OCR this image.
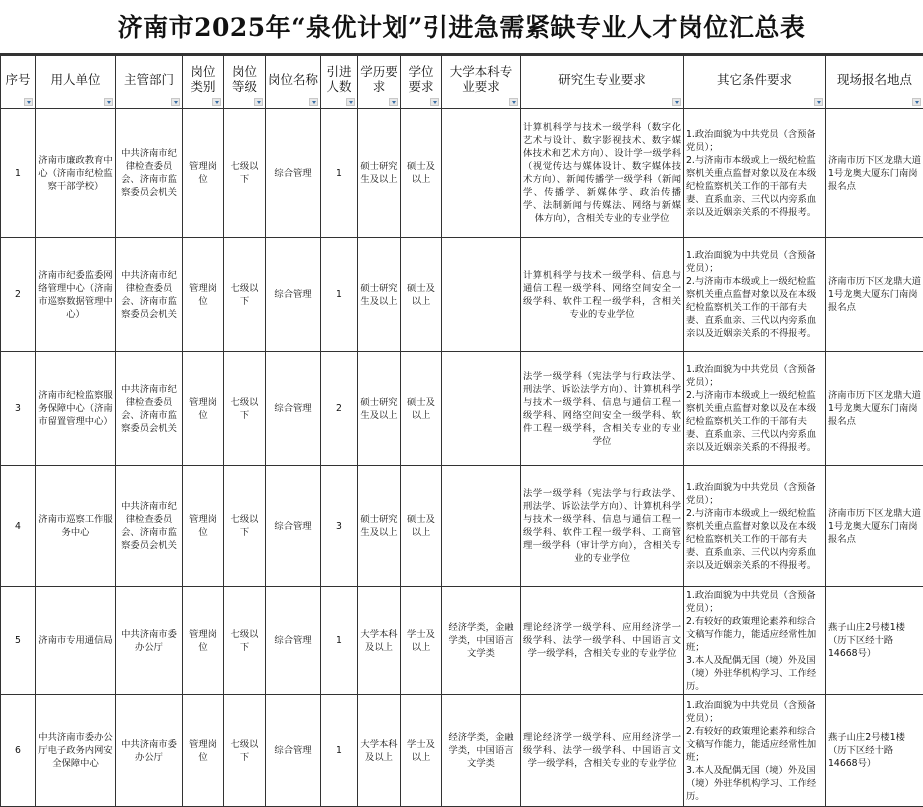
济南市2025年“泉优计划”引进急需紧缺专业人才岗位汇总表
序号	用人单位	主管部门	岗位类别	岗位等级	岗位名称	引进人数	学历要求	学位要求	大学本科专业要求	研究生专业要求	其它条件要求	现场报名地点

1	济南市廉政教育中心（济南市纪检监察干部学校）	中共济南市纪律检查委员会、济南市监察委员会机关	管理岗位	七级以下	综合管理	1	硕士研究生及以上	硕士及以上		计算机科学与技术一级学科（数字化艺术与设计、数字影视技术、数字媒体技术和艺术方向）、设计学一级学科（视觉传达与媒体设计、数字媒体技术方向）、新闻传播学一级学科（新闻学、传播学、新媒体学、政治传播学、法制新闻与传媒法、网络与新媒体方向），含相关专业的专业学位	1.政治面貌为中共党员（含预备党员）；
2.与济南市本级或上一级纪检监察机关重点监督对象以及在本级纪检监察机关工作的干部有夫妻、直系血亲、三代以内旁系血亲以及近姻亲关系的不得报考。	济南市历下区龙鼎大道1号龙奥大厦东门南岗报名点
2	济南市纪委监委网络管理中心（济南市巡察数据管理中心）	中共济南市纪律检查委员会、济南市监察委员会机关	管理岗位	七级以下	综合管理	1	硕士研究生及以上	硕士及以上		计算机科学与技术一级学科、信息与通信工程一级学科、网络空间安全一级学科、软件工程一级学科，含相关专业的专业学位	1.政治面貌为中共党员（含预备党员）；
2.与济南市本级或上一级纪检监察机关重点监督对象以及在本级纪检监察机关工作的干部有夫妻、直系血亲、三代以内旁系血亲以及近姻亲关系的不得报考。	济南市历下区龙鼎大道1号龙奥大厦东门南岗报名点
3	济南市纪检监察服务保障中心（济南市留置管理中心）	中共济南市纪律检查委员会、济南市监察委员会机关	管理岗位	七级以下	综合管理	2	硕士研究生及以上	硕士及以上		法学一级学科（宪法学与行政法学、刑法学、诉讼法学方向）、计算机科学与技术一级学科、信息与通信工程一级学科、网络空间安全一级学科、软件工程一级学科，含相关专业的专业学位	1.政治面貌为中共党员（含预备党员）；
2.与济南市本级或上一级纪检监察机关重点监督对象以及在本级纪检监察机关工作的干部有夫妻、直系血亲、三代以内旁系血亲以及近姻亲关系的不得报考。	济南市历下区龙鼎大道1号龙奥大厦东门南岗报名点
4	济南市巡察工作服务中心	中共济南市纪律检查委员会、济南市监察委员会机关	管理岗位	七级以下	综合管理	3	硕士研究生及以上	硕士及以上		法学一级学科（宪法学与行政法学、刑法学、诉讼法学方向）、计算机科学与技术一级学科、信息与通信工程一级学科、软件工程一级学科、工商管理一级学科（审计学方向），含相关专业的专业学位	1.政治面貌为中共党员（含预备党员）；
2.与济南市本级或上一级纪检监察机关重点监督对象以及在本级纪检监察机关工作的干部有夫妻、直系血亲、三代以内旁系血亲以及近姻亲关系的不得报考。	济南市历下区龙鼎大道1号龙奥大厦东门南岗报名点
5	济南市专用通信局	中共济南市委办公厅	管理岗位	七级以下	综合管理	1	大学本科及以上	学士及以上	经济学类，金融学类，中国语言文学类	理论经济学一级学科、应用经济学一级学科、法学一级学科、中国语言文学一级学科，含相关专业的专业学位	1.政治面貌为中共党员（含预备党员）；
2.有较好的政策理论素养和综合文稿写作能力，能适应经常性加班；
3.本人及配偶无国（境）外及国（境）外驻华机构学习、工作经历。	燕子山庄2号楼1楼（历下区经十路14668号）
6	中共济南市委办公厅电子政务内网安全保障中心	中共济南市委办公厅	管理岗位	七级以下	综合管理	1	大学本科及以上	学士及以上	经济学类，金融学类，中国语言文学类	理论经济学一级学科、应用经济学一级学科、法学一级学科、中国语言文学一级学科，含相关专业的专业学位	1.政治面貌为中共党员（含预备党员）；
2.有较好的政策理论素养和综合文稿写作能力，能适应经常性加班；
3.本人及配偶无国（境）外及国（境）外驻华机构学习、工作经历。	燕子山庄2号楼1楼（历下区经十路14668号）
